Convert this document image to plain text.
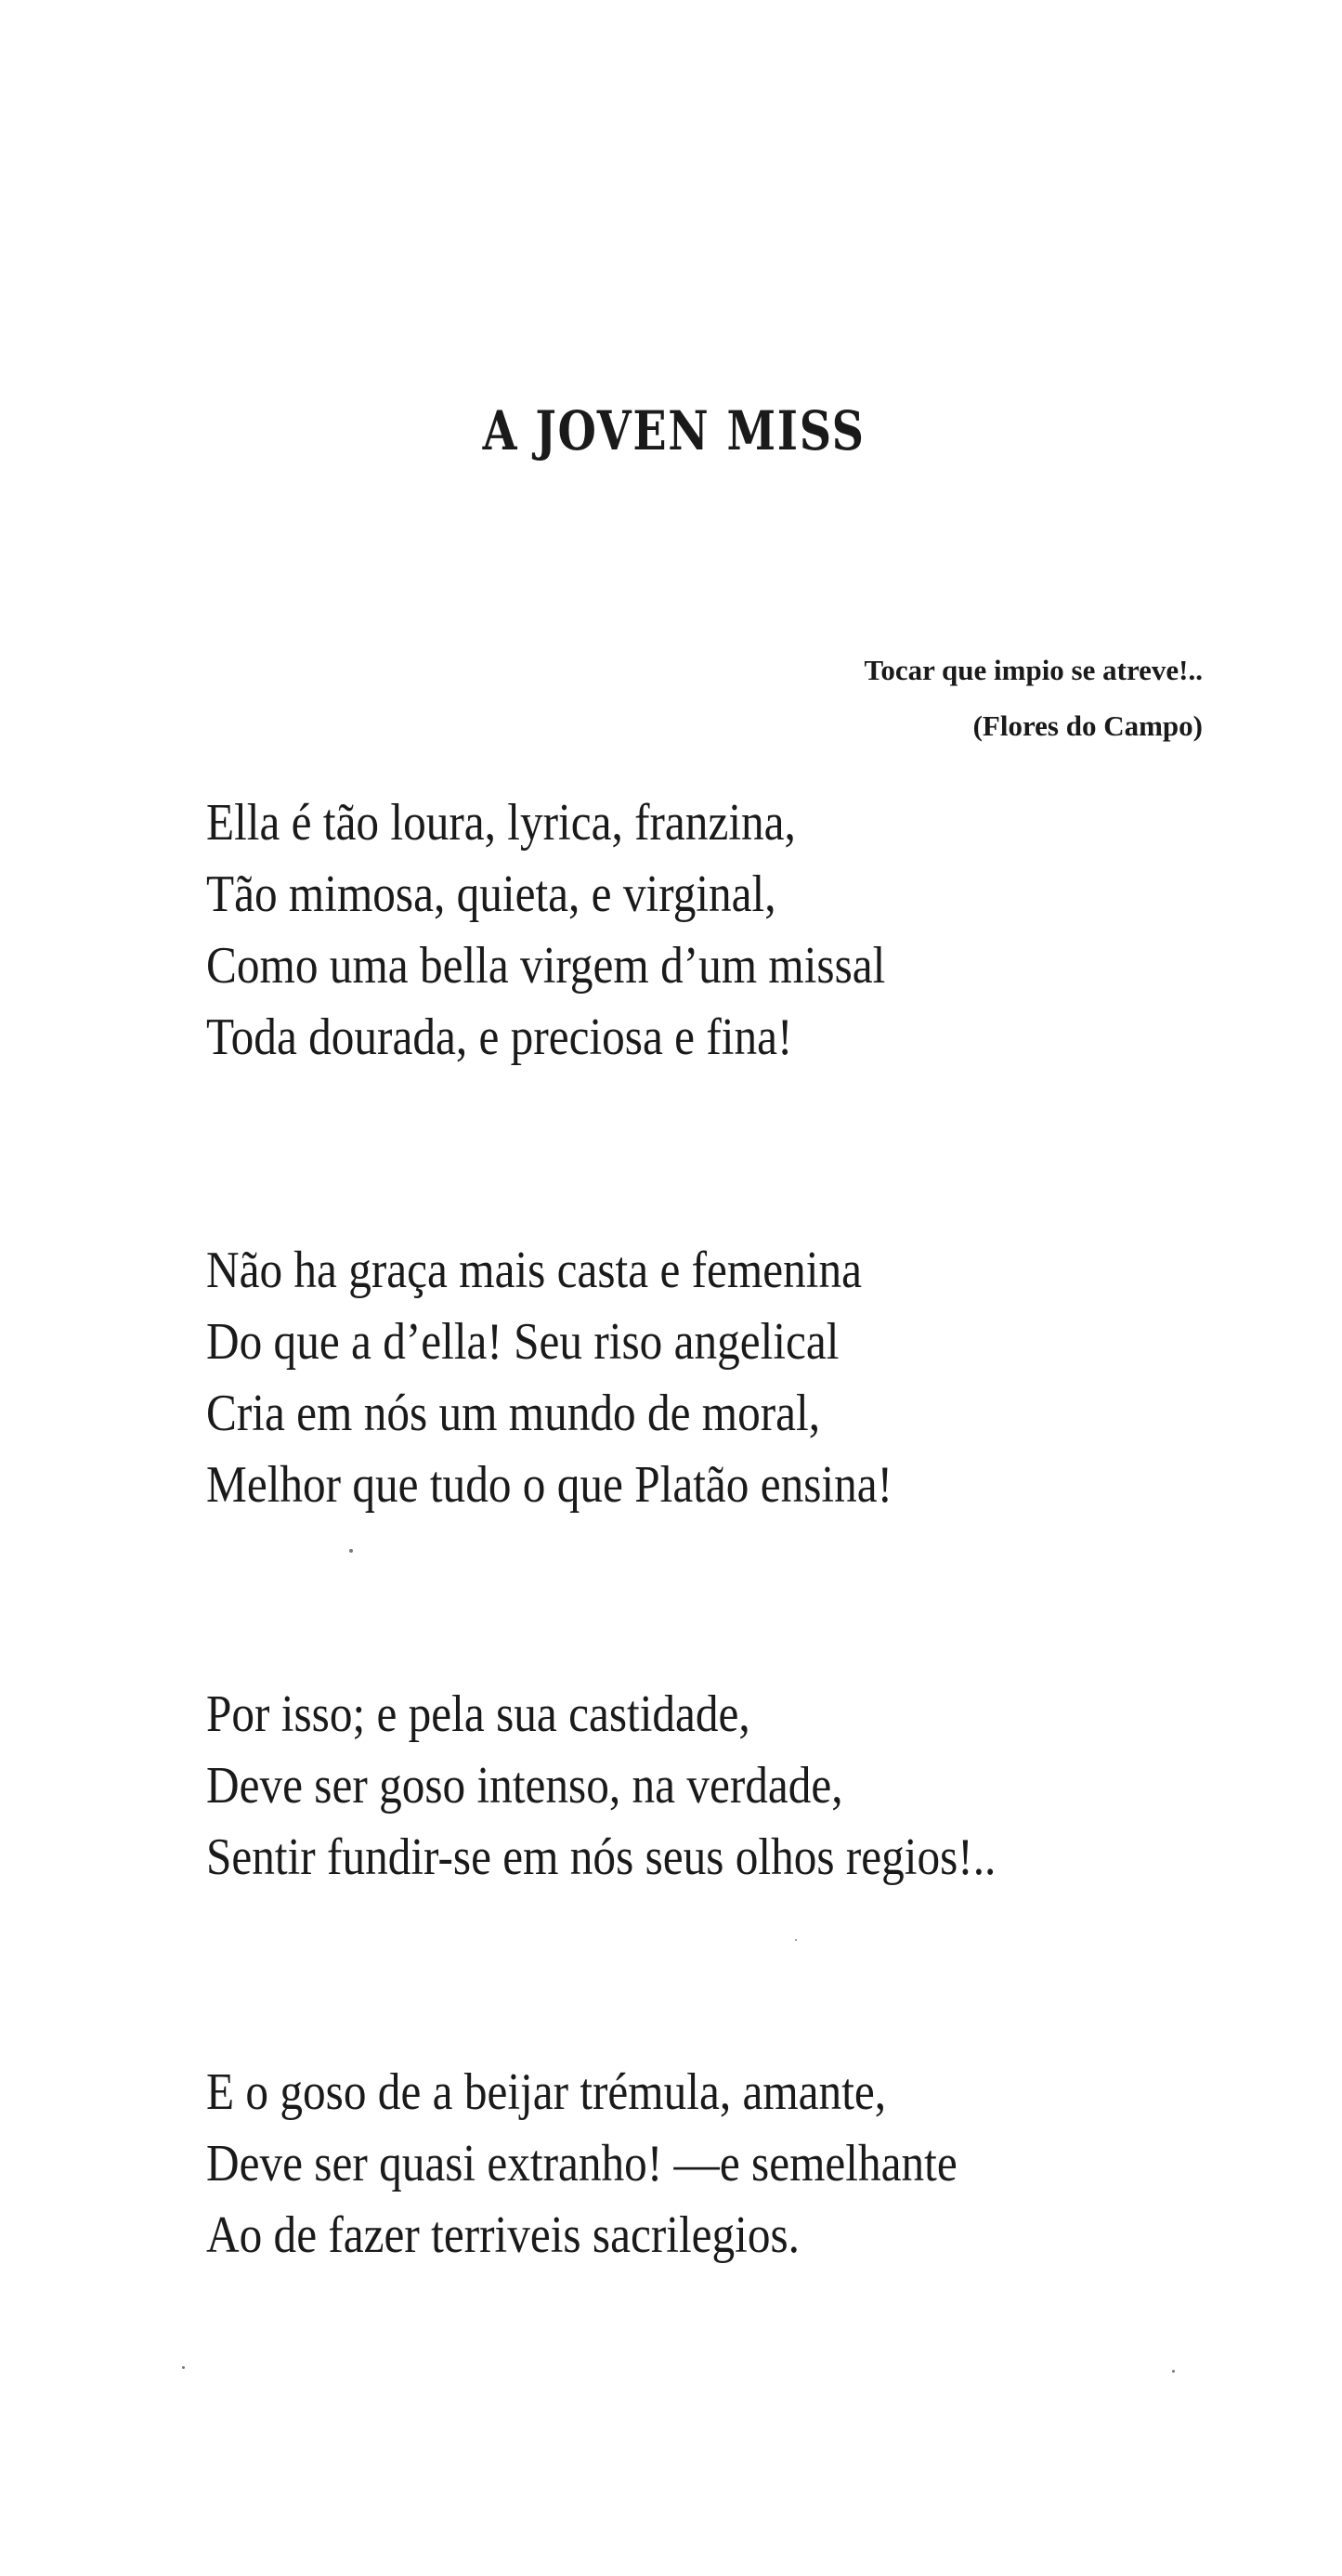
A JOVEN MISS
Tocar que impio se atreve!..
(Flores do Campo)
Ella é tão loura, lyrica, franzina,
Tão mimosa, quieta, e virginal,
Como uma bella virgem d’um missal
Toda dourada, e preciosa e fina!
Não ha graça mais casta e femenina
Do que a d’ella! Seu riso angelical
Cria em nós um mundo de moral,
Melhor que tudo o que Platão ensina!
Por isso; e pela sua castidade,
Deve ser goso intenso, na verdade,
Sentir fundir-se em nós seus olhos regios!..
E o goso de a beijar trémula, amante,
Deve ser quasi extranho! —e semelhante
Ao de fazer terriveis sacrilegios.
